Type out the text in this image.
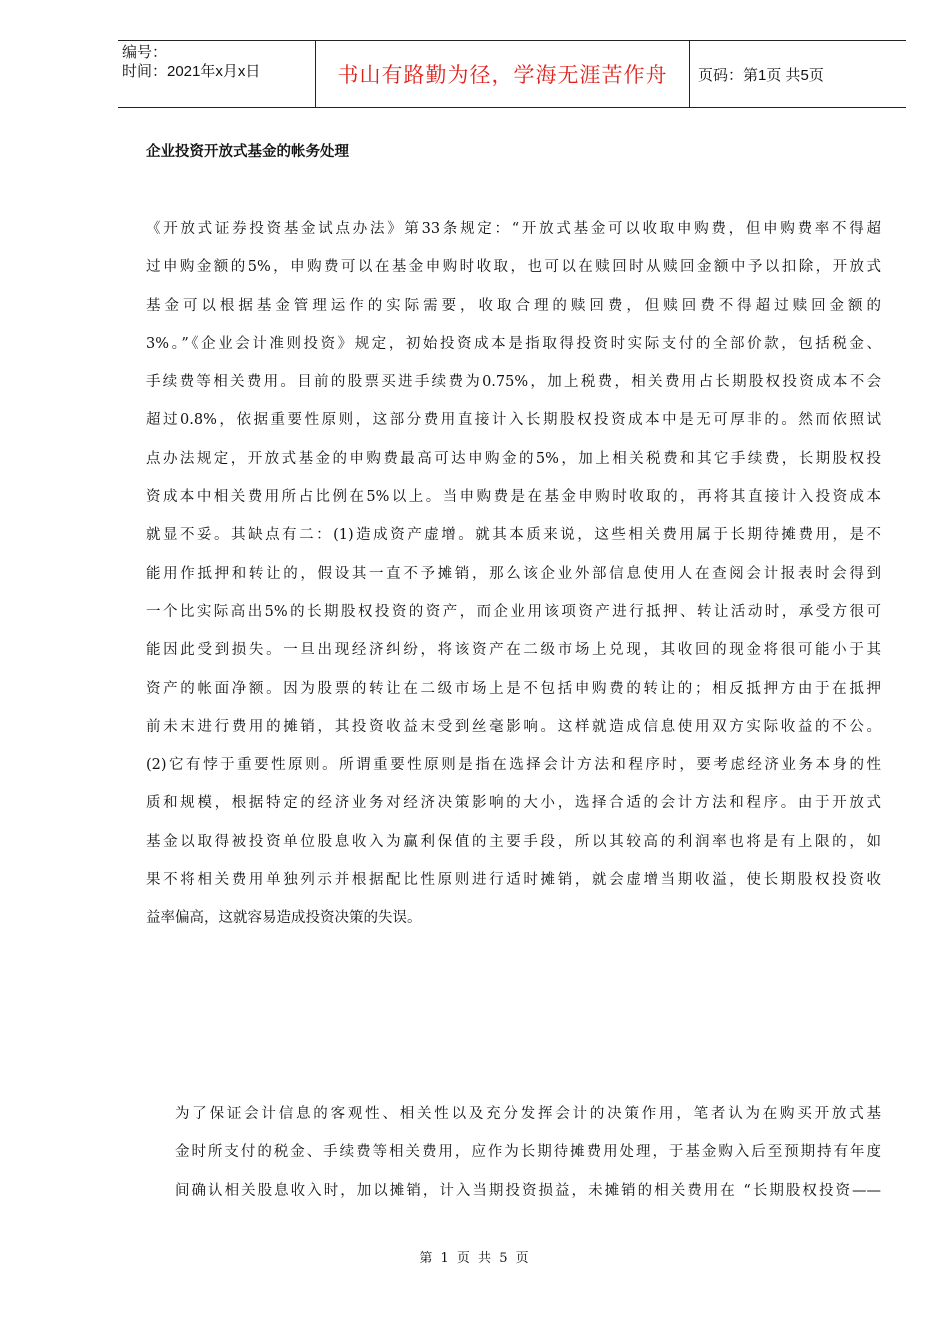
编号：
时间：2021年x月x日	书山有路勤为径，学海无涯苦作舟	页码：第1页 共5页
企业投资开放式基金的帐务处理
《开放式证券投资基金试点办法》第33条规定：“开放式基金可以收取申购费，但申购费率不得超
过申购金额的5%，申购费可以在基金申购时收取，也可以在赎回时从赎回金额中予以扣除，开放式
基金可以根据基金管理运作的实际需要，收取合理的赎回费，但赎回费不得超过赎回金额的
3%。”《企业会计准则投资》规定，初始投资成本是指取得投资时实际支付的全部价款，包括税金、
手续费等相关费用。目前的股票买进手续费为0.75%，加上税费，相关费用占长期股权投资成本不会
超过0.8%，依据重要性原则，这部分费用直接计入长期股权投资成本中是无可厚非的。然而依照试
点办法规定，开放式基金的申购费最高可达申购金的5%，加上相关税费和其它手续费，长期股权投
资成本中相关费用所占比例在5%以上。当申购费是在基金申购时收取的，再将其直接计入投资成本
就显不妥。其缺点有二：(1)造成资产虚增。就其本质来说，这些相关费用属于长期待摊费用，是不
能用作抵押和转让的，假设其一直不予摊销，那么该企业外部信息使用人在查阅会计报表时会得到
一个比实际高出5%的长期股权投资的资产，而企业用该项资产进行抵押、转让活动时，承受方很可
能因此受到损失。一旦出现经济纠纷，将该资产在二级市场上兑现，其收回的现金将很可能小于其
资产的帐面净额。因为股票的转让在二级市场上是不包括申购费的转让的；相反抵押方由于在抵押
前未末进行费用的摊销，其投资收益末受到丝毫影响。这样就造成信息使用双方实际收益的不公。
(2)它有悖于重要性原则。所谓重要性原则是指在选择会计方法和程序时，要考虑经济业务本身的性
质和规模，根据特定的经济业务对经济决策影响的大小，选择合适的会计方法和程序。由于开放式
基金以取得被投资单位股息收入为赢利保值的主要手段，所以其较高的利润率也将是有上限的，如
果不将相关费用单独列示并根据配比性原则进行适时摊销，就会虚增当期收溢，使长期股权投资收
益率偏高，这就容易造成投资决策的失误。
为了保证会计信息的客观性、相关性以及充分发挥会计的决策作用，笔者认为在购买开放式基
金时所支付的税金、手续费等相关费用，应作为长期待摊费用处理，于基金购入后至预期持有年度
间确认相关股息收入时，加以摊销，计入当期投资损益，未摊销的相关费用在 “长期股权投资——
第 1 页 共 5 页
